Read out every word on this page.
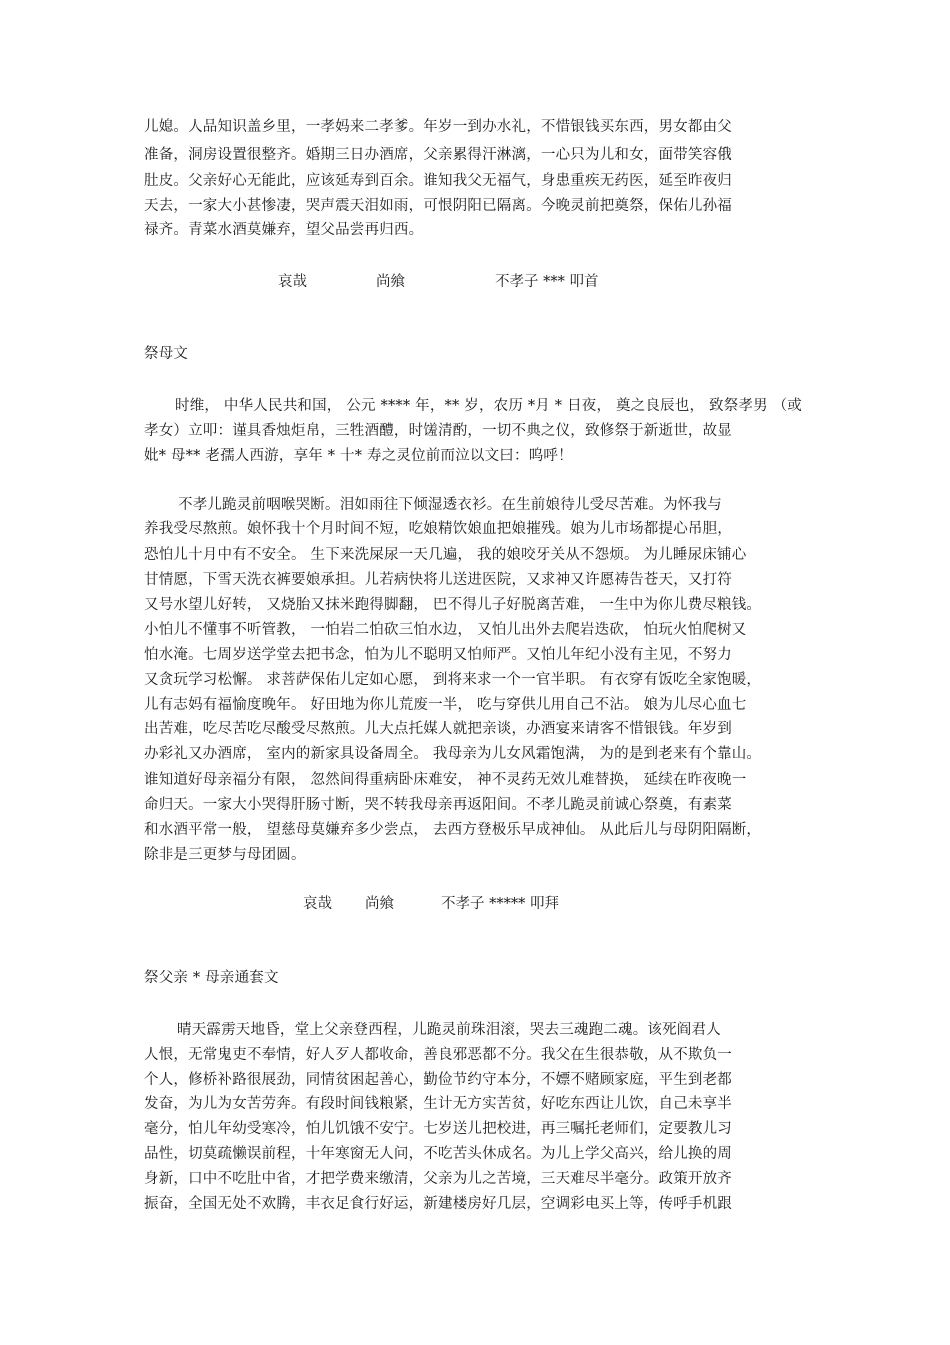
儿媳。人品知识盖乡里，一孝妈来二孝爹。年岁一到办水礼，不惜银钱买东西，男女都由父
准备，洞房设置很整齐。婚期三日办酒席，父亲累得汗淋漓，一心只为儿和女，面带笑容俄
肚皮。父亲好心无能此，应该延寿到百余。谁知我父无福气，身患重疾无药医，延至昨夜归
天去，一家大小甚惨凄，哭声震天泪如雨，可恨阴阳已隔离。今晚灵前把奠祭，保佑儿孙福
禄齐。青菜水酒莫嫌弃，望父品尝再归西。
哀哉	尚飨	不孝子 *** 叩首
祭母文
时维， 中华人民共和国， 公元 **** 年，** 岁，农历 *月 * 日夜， 奠之良辰也， 致祭孝男 （或
孝女）立叩：谨具香烛炬帛，三牲酒醴，时馐清酌，一切不典之仪，致修祭于新逝世，故显
妣* 母** 老孺人西游，享年 * 十* 寿之灵位前而泣以文曰：呜呼！
不孝儿跪灵前咽喉哭断。泪如雨往下倾湿透衣衫。在生前娘待儿受尽苦难。为怀我与
养我受尽熬煎。娘怀我十个月时间不短，吃娘精饮娘血把娘摧残。娘为儿市场都提心吊胆，
恐怕儿十月中有不安全。 生下来洗屎尿一天几遍， 我的娘咬牙关从不怨烦。 为儿睡尿床铺心
甘情愿，下雪天洗衣裤要娘承担。儿若病快将儿送进医院，又求神又许愿祷告苍天，又打符
又号水望儿好转， 又烧胎又抹米跑得脚翻， 巴不得儿子好脱离苦难， 一生中为你儿费尽粮钱。
小怕儿不懂事不听管教， 一怕岩二怕砍三怕水边， 又怕儿出外去爬岩迭砍， 怕玩火怕爬树又
怕水淹。七周岁送学堂去把书念，怕为儿不聪明又怕师严。又怕儿年纪小没有主见，不努力
又贪玩学习松懈。 求菩萨保佑儿定如心愿， 到将来求一个一官半职。 有衣穿有饭吃全家饱暖，
儿有志妈有福愉度晚年。 好田地为你儿荒废一半， 吃与穿供儿用自己不沾。 娘为儿尽心血七
出苦难，吃尽苦吃尽酸受尽熬煎。儿大点托媒人就把亲谈，办酒宴来请客不惜银钱。年岁到
办彩礼又办酒席， 室内的新家具设备周全。 我母亲为儿女风霜饱满， 为的是到老来有个靠山。
谁知道好母亲福分有限， 忽然间得重病卧床难安， 神不灵药无效儿难替换， 延续在昨夜晚一
命归天。一家大小哭得肝肠寸断，哭不转我母亲再返阳间。不孝儿跪灵前诚心祭奠，有素菜
和水酒平常一般， 望慈母莫嫌弃多少尝点， 去西方登极乐早成神仙。 从此后儿与母阴阳隔断，
除非是三更梦与母团圆。
哀哉 尚飨	不孝子 ***** 叩拜
祭父亲 * 母亲通套文
晴天霹雳天地昏，堂上父亲登西程，儿跪灵前珠泪滚，哭去三魂跑二魂。该死阎君人
人恨，无常鬼吏不奉情，好人歹人都收命，善良邪恶都不分。我父在生很恭敬，从不欺负一
个人，修桥补路很展劲，同情贫困起善心，勤俭节约守本分，不嫖不赌顾家庭，平生到老都
发奋，为儿为女苦劳奔。有段时间钱粮紧，生计无方实苦贫，好吃东西让儿饮，自己未享半
毫分，怕儿年幼受寒冷，怕儿饥饿不安宁。七岁送儿把校进，再三嘱托老师们，定要教儿习
品性，切莫疏懒误前程，十年寒窗无人问，不吃苦头休成名。为儿上学父高兴，给儿换的周
身新，口中不吃肚中省，才把学费来缴清，父亲为儿之苦境，三天难尽半毫分。政策开放齐
振奋，全国无处不欢腾，丰衣足食行好运，新建楼房好几层，空调彩电买上等，传呼手机跟
